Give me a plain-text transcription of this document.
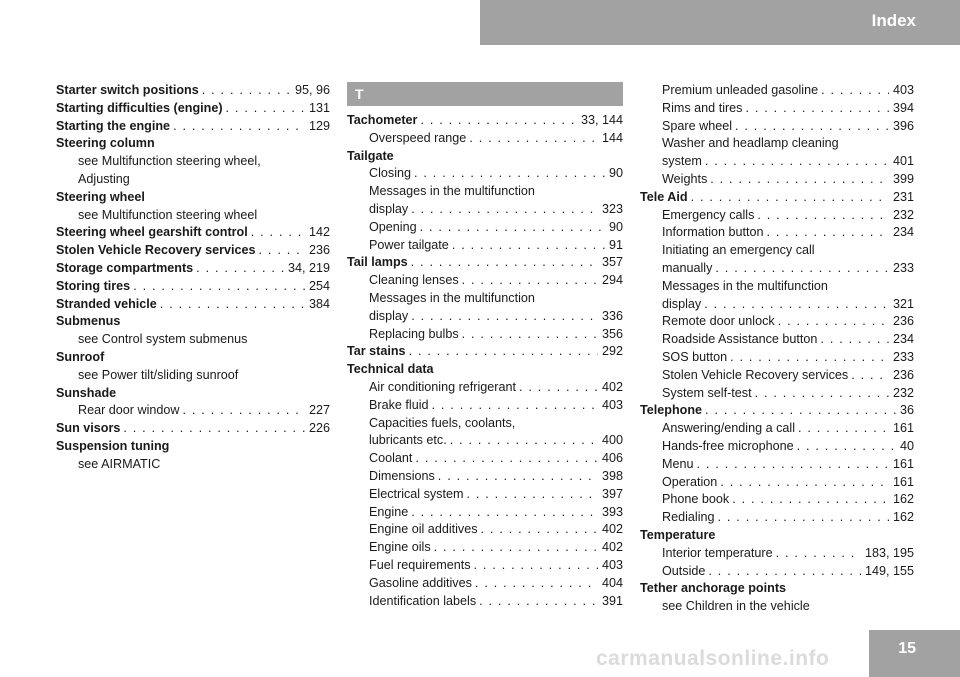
Index
Starter switch positions . . .	95, 96
Starting difficulties (engine) . . .	131
Starting the engine . . .	129
Steering column
see Multifunction steering wheel,
Adjusting
Steering wheel
see Multifunction steering wheel
Steering wheel gearshift control . . .	142
Stolen Vehicle Recovery services . . .	236
Storage compartments . . .	34, 219
Storing tires . . .	254
Stranded vehicle . . .	384
Submenus
see Control system submenus
Sunroof
see Power tilt/sliding sunroof
Sunshade
Rear door window . . .	227
Sun visors . . .	226
Suspension tuning
see AIRMATIC
T
Tachometer . . .	33, 144
Overspeed range . . .	144
Tailgate
Closing . . .	90
Messages in the multifunction
display . . .	323
Opening . . .	90
Power tailgate . . .	91
Tail lamps . . .	357
Cleaning lenses . . .	294
Messages in the multifunction
display . . .	336
Replacing bulbs . . .	356
Tar stains . . .	292
Technical data
Air conditioning refrigerant . . .	402
Brake fluid . . .	403
Capacities fuels, coolants,
lubricants etc. . . .	400
Coolant . . .	406
Dimensions . . .	398
Electrical system . . .	397
Engine . . .	393
Engine oil additives . . .	402
Engine oils . . .	402
Fuel requirements . . .	403
Gasoline additives . . .	404
Identification labels . . .	391
Premium unleaded gasoline . . .	403
Rims and tires . . .	394
Spare wheel . . .	396
Washer and headlamp cleaning
system . . .	401
Weights . . .	399
Tele Aid . . .	231
Emergency calls . . .	232
Information button . . .	234
Initiating an emergency call
manually . . .	233
Messages in the multifunction
display . . .	321
Remote door unlock . . .	236
Roadside Assistance button . . .	234
SOS button . . .	233
Stolen Vehicle Recovery services . . .	236
System self-test . . .	232
Telephone . . .	36
Answering/ending a call . . .	161
Hands-free microphone . . .	40
Menu . . .	161
Operation . . .	161
Phone book . . .	162
Redialing . . .	162
Temperature
Interior temperature . . .	183, 195
Outside . . .	149, 155
Tether anchorage points
see Children in the vehicle
15
carmanualsonline.info
